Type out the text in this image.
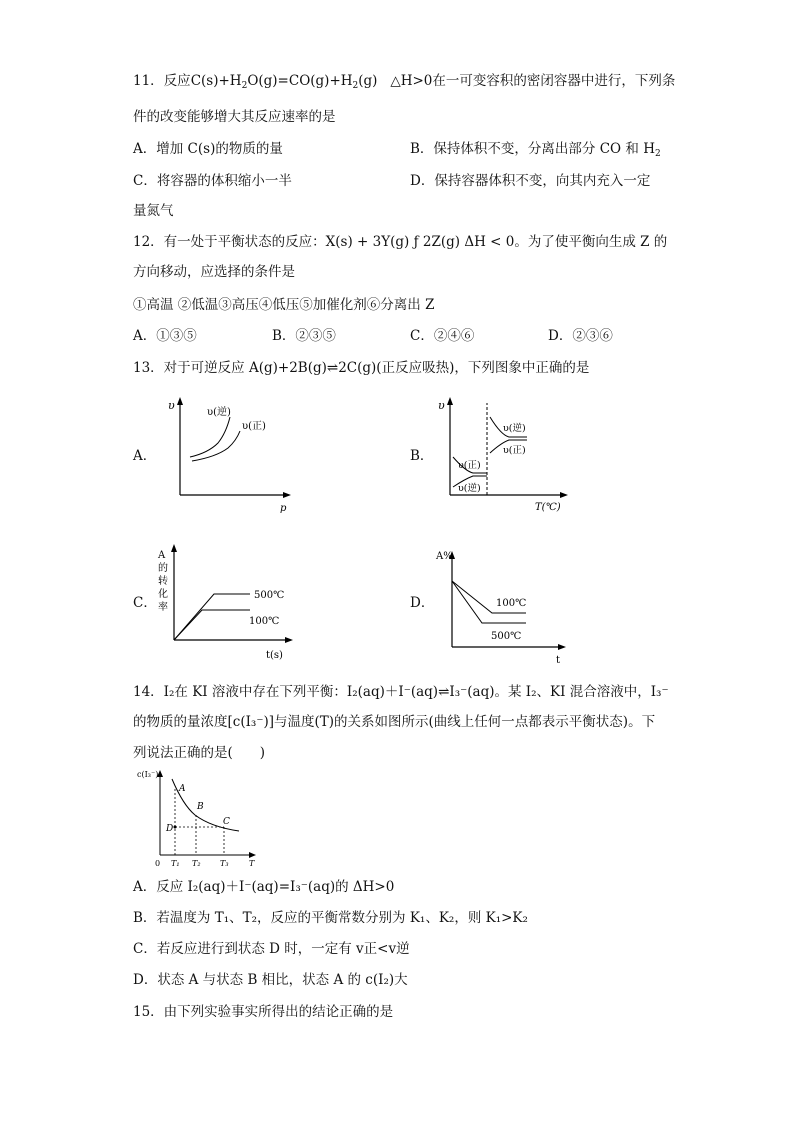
11．反应$C(s)+H_2O(g)=CO(g)+H_2(g)$ △H>0在一可变容积的密闭容器中进行，下列条
件的改变能够增大其反应速率的是
A．增加 C(s)的物质的量	B．保持体积不变，分离出部分 CO 和 $H_2$
C．将容器的体积缩小一半	D．保持容器体积不变，向其内充入一定
量氮气
12．有一处于平衡状态的反应：X(s) + 3Y(g) ƒ 2Z(g) ΔH < 0。为了使平衡向生成 Z 的
方向移动，应选择的条件是
①高温 ②低温③高压④低压⑤加催化剂⑥分离出 Z
A．①③⑤	B．②③⑤	C．②④⑥	D．②③⑥
13．对于可逆反应 A(g)+2B(g)⇌2C(g)(正反应吸热)，下列图象中正确的是
A．	B．
C．	D．
υ
p
υ(逆)
υ(正)
υ
T(℃)
υ(逆)
υ(正)
υ(逆)
υ(正)
A
的
转
化
率
t(s)
500℃
100℃
A%
t
100℃
500℃
14．I₂在 KI 溶液中存在下列平衡：I₂(aq)＋I⁻(aq)⇌I₃⁻(aq)。某 I₂、KI 混合溶液中，I₃⁻
的物质的量浓度[c(I₃⁻)]与温度(T)的关系如图所示(曲线上任何一点都表示平衡状态)。下
列说法正确的是(　　)
c(I₃⁻)
A
B
C
D
0 T₁ T₂ T₃	T
A．反应 I₂(aq)＋I⁻(aq)=I₃⁻(aq)的 ΔH>0
B．若温度为 T₁、T₂，反应的平衡常数分别为 K₁、K₂，则 K₁>K₂
C．若反应进行到状态 D 时，一定有 v正<v逆
D．状态 A 与状态 B 相比，状态 A 的 c(I₂)大
15．由下列实验事实所得出的结论正确的是
